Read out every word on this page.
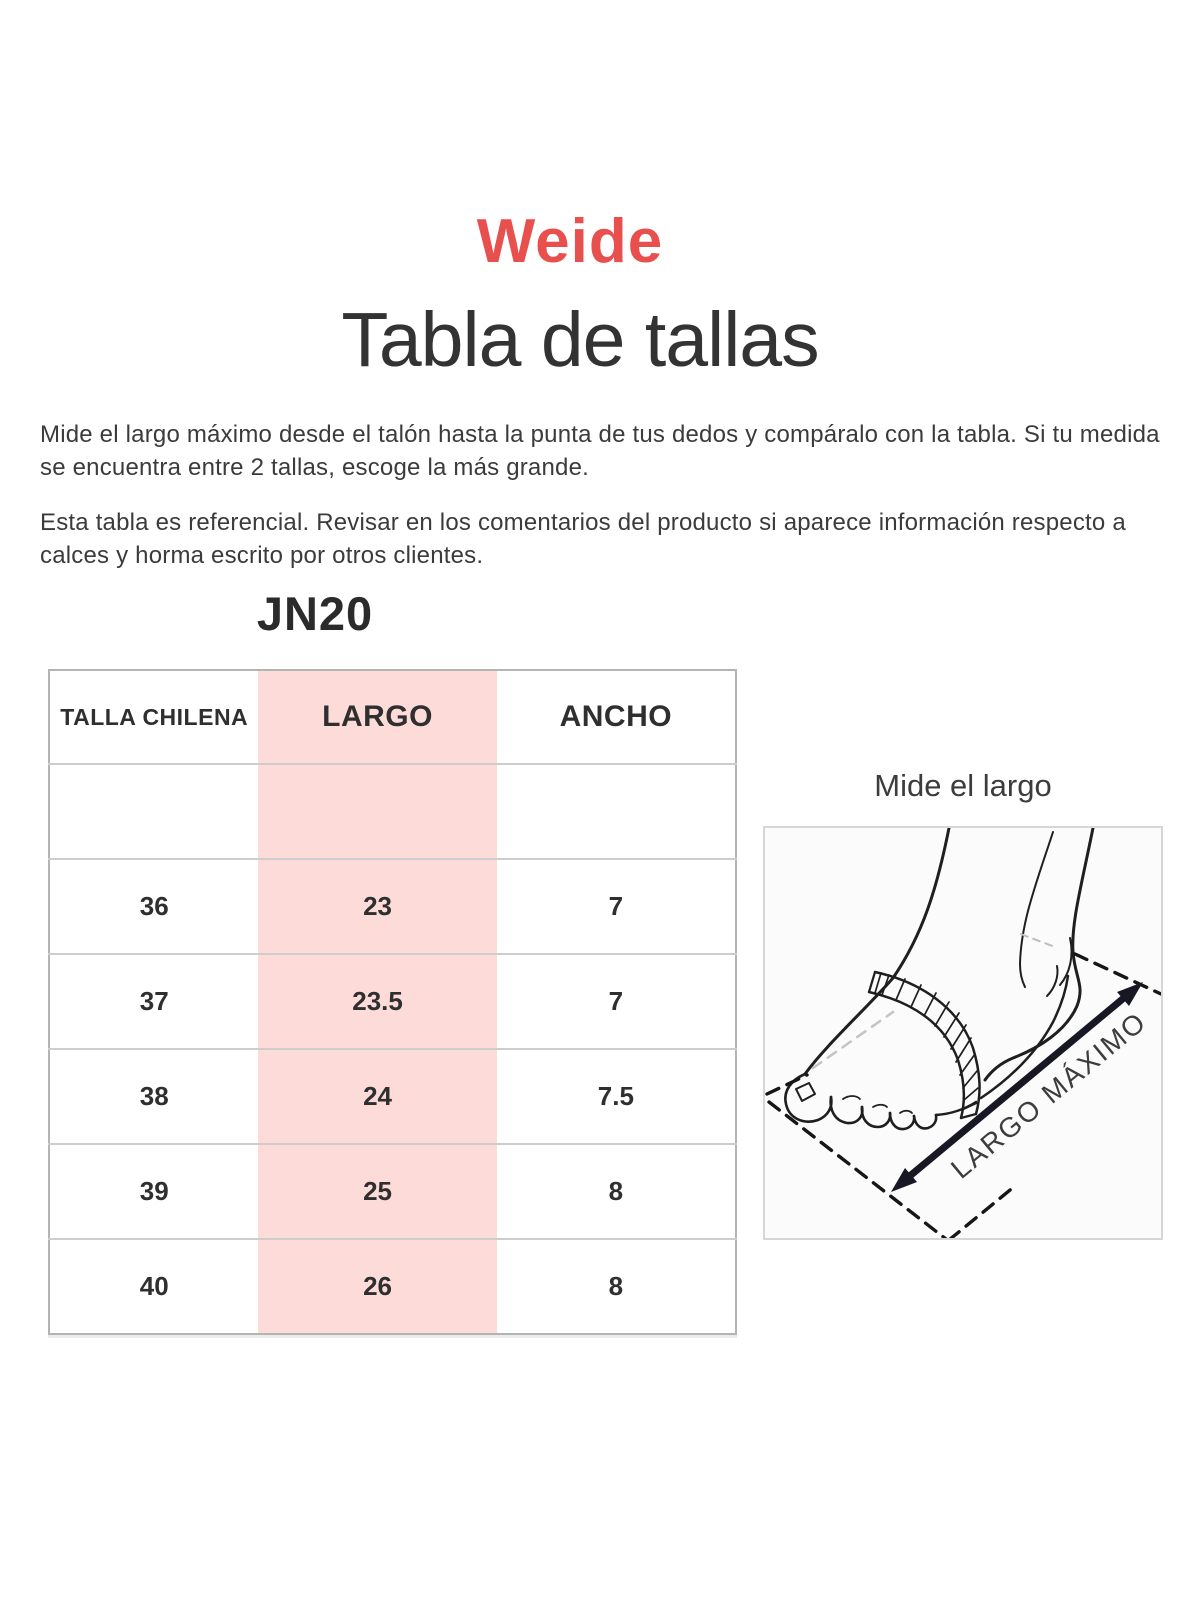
Weide
Tabla de tallas

Mide el largo máximo desde el talón hasta la punta de tus dedos y compáralo con la tabla. Si tu medida se encuentra entre 2 tallas, escoge la más grande.

Esta tabla es referencial. Revisar en los comentarios del producto si aparece información respecto a calces y horma escrito por otros clientes.

JN20
TALLA CHILENA	LARGO	ANCHO

36	23	7
37	23.5	7
38	24	7.5
39	25	8
40	26	8
Mide el largo
LARGO MÁXIMO
